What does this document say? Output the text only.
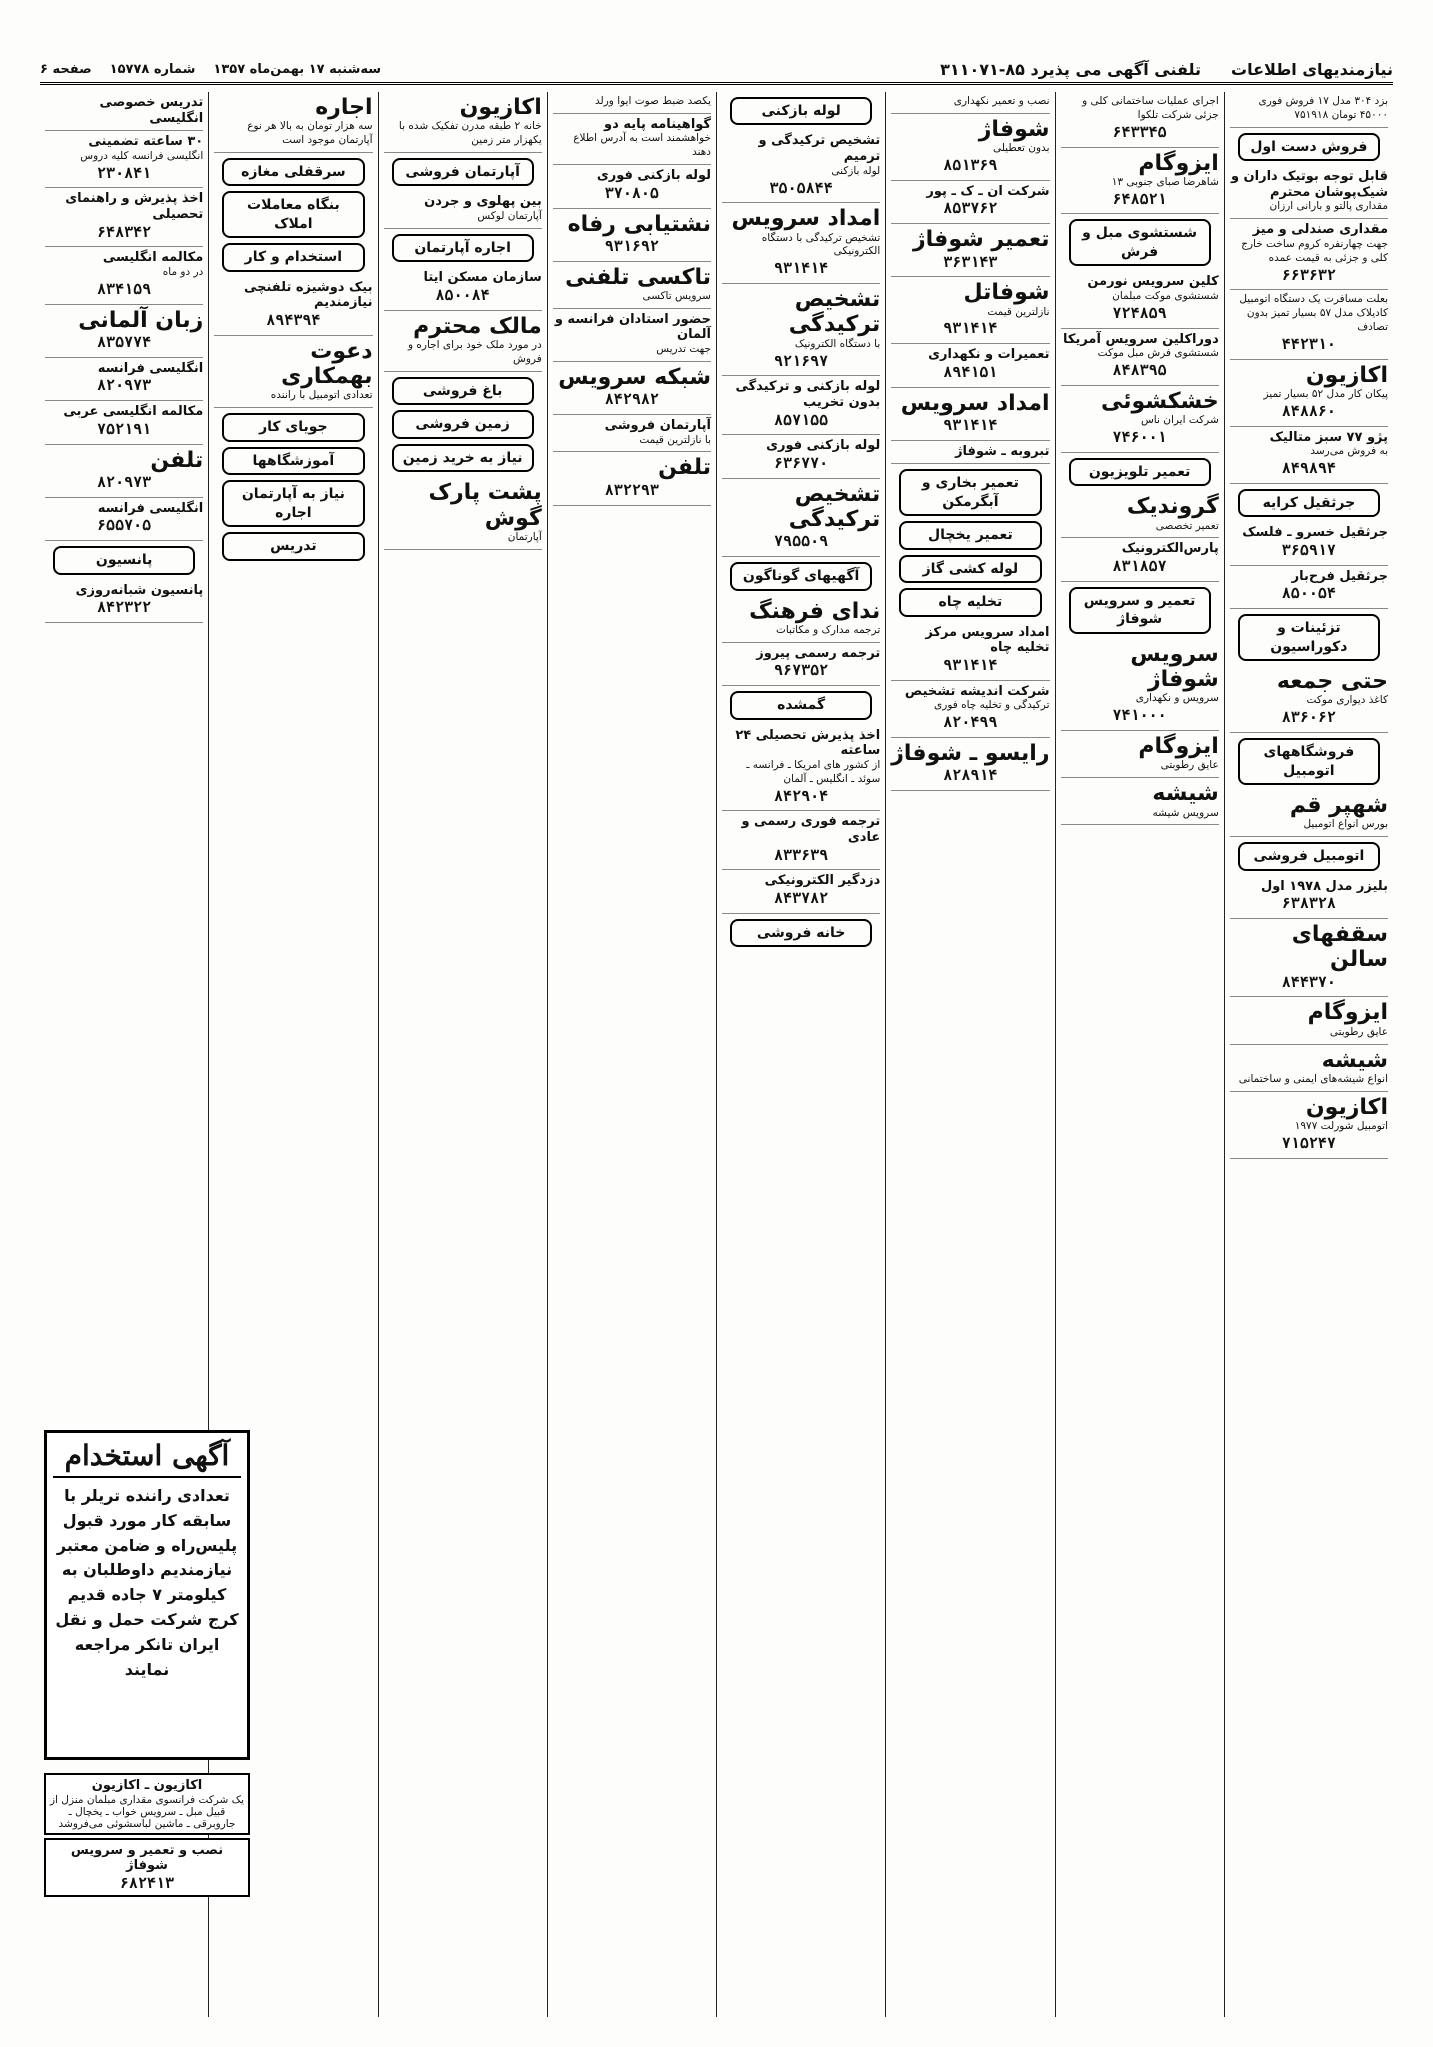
نیازمندیهای اطلاعات
تلفنی آگهی می پذیرد ۸۵-۳۱۱۰۷۱
سه‌شنبه ۱۷ بهمن‌ماه ۱۳۵۷
شماره ۱۵۷۷۸
صفحه ۶
بزد ۳۰۴ مدل ۱۷ فروش فوری ۴۵۰۰۰ تومان ۷۵۱۹۱۸
فروش دست اول
قابل توجه بوتیک داران و شیک‌پوشان محترم
مقداری پالتو و بارانی ارزان
مقداری صندلی و میز
جهت چهارنفره کروم ساخت خارج کلی و جزئی به قیمت عمده
۶۶۳۶۳۲
بعلت مسافرت یک دستگاه اتومبیل کادیلاک مدل ۵۷ بسیار تمیز بدون تصادف
۴۴۲۳۱۰
اکازیون
پیکان کار مدل ۵۲ بسیار تمیز
۸۴۸۸۶۰
پژو ۷۷ سبز متالیک
به فروش می‌رسد
۸۴۹۸۹۴
جرثقیل کرایه
جرثقیل خسرو ـ فلسک
۳۶۵۹۱۷
جرثقیل فرح‌بار
۸۵۰۰۵۴
تزئینات و دکوراسیون
حتی جمعه
کاغذ دیواری موکت
۸۳۶۰۶۲
فروشگاههای اتومبیل
شهپر قم
بورس انواع اتومبیل
اتومبیل فروشی
بلیزر مدل ۱۹۷۸ اول
۶۳۸۳۲۸
سقفهای سالن
۸۴۴۳۷۰
ایزوگام
عایق رطوبتی
شیشه
انواع شیشه‌های ایمنی و ساختمانی
اکازیون
اتومبیل شورلت ۱۹۷۷
۷۱۵۲۴۷
اجرای عملیات ساختمانی کلی و جزئی شرکت تلکوا
۶۴۳۳۴۵
ایزوگام
شاهرضا صبای جنوبی ۱۳
۶۴۸۵۲۱
شستشوی مبل و فرش
کلین سرویس نورمن
شستشوی موکت مبلمان
۷۲۴۸۵۹
دوراکلین سرویس آمریکا
شستشوی فرش مبل موکت
۸۴۸۳۹۵
خشکشوئی
شرکت ایران ناس
۷۴۶۰۰۱
تعمیر تلویزیون
گروندیک
تعمیر تخصصی
پارس‌الکترونیک
۸۳۱۸۵۷
تعمیر و سرویس شوفاژ
سرویس شوفاژ
سرویس و نکهداری
۷۴۱۰۰۰
ایزوگام
عایق رطوبتی
شیشه
سرویس شیشه
نصب و تعمیر نکهداری
شوفاژ
بدون تعطیلی
۸۵۱۳۶۹
شرکت ان ـ ک ـ پور
۸۵۳۷۶۲
تعمیر شوفاژ
۳۶۳۱۴۳
شوفاتل
نازلترین قیمت
۹۳۱۴۱۴
تعمیرات و نکهداری
۸۹۴۱۵۱
امداد سرویس
۹۳۱۴۱۴
تبروبه ـ شوفاژ
تعمیر بخاری و آبگرمکن
تعمیر یخچال
لوله کشی گاز
تخلیه چاه
امداد سرویس مرکز تخلیه چاه
۹۳۱۴۱۴
شرکت اندیشه تشخیص
ترکیدگی و تخلیه چاه فوری
۸۲۰۴۹۹
رایسو ـ شوفاژ
۸۲۸۹۱۴
لوله بازکنی
تشخیص ترکیدگی و ترمیم
لوله بازکنی
۳۵۰۵۸۴۴
امداد سرویس
تشخیص ترکیدگی با دستگاه الکترونیکی
۹۳۱۴۱۴
تشخیص ترکیدگی
با دستگاه الکترونیک
۹۲۱۶۹۷
لوله بازکنی و ترکیدگی بدون تخریب
۸۵۷۱۵۵
لوله بازکنی فوری
۶۳۶۷۷۰
تشخیص ترکیدگی
۷۹۵۵۰۹
آگهیهای گوناگون
ندای فرهنگ
ترجمه مدارک و مکاتبات
ترجمه رسمی پیروز
۹۶۷۳۵۲
گمشده
اخذ پذیرش تحصیلی ۲۴ ساعته
از کشور های امریکا ـ فرانسه ـ سوئد ـ انگلیس ـ آلمان
۸۴۲۹۰۴
ترجمه فوری رسمی و عادی
۸۳۳۶۳۹
دزدگیر الکترونیکی
۸۴۳۷۸۲
خانه فروشی
یکصد ضبط صوت ایوا ورلد
گواهینامه پایه دو
خواهشمند است به آدرس اطلاع دهند
لوله بازکنی فوری
۳۷۰۸۰۵
نشتیابی رفاه
۹۳۱۶۹۲
تاکسی تلفنی
سرویس تاکسی
حضور استادان فرانسه و آلمان
جهت تدریس
شبکه سرویس
۸۴۲۹۸۲
آپارتمان فروشی
با نازلترین قیمت
تلفن
۸۳۲۲۹۳
اکازیون
خانه ۲ طبقه مدرن تفکیک شده با یکهزار متر زمین
آپارتمان فروشی
بین پهلوی و جردن
آپارتمان لوکس
اجاره آپارتمان
سازمان مسکن ایتا
۸۵۰۰۸۴
مالک محترم
در مورد ملک خود برای اجاره و فروش
باغ فروشی
زمین فروشی
نیاز به خرید زمین
پشت پارک گوش
آپارتمان
اجاره
سه هزار تومان به بالا هر نوع آپارتمان موجود است
سرقفلی مغازه
بنگاه معاملات املاک
استخدام و کار
بیک دوشیزه تلفنچی نیازمندیم
۸۹۴۳۹۴
دعوت بهمکاری
تعدادی اتومبیل با راننده
جویای کار
آموزشگاهها
نیاز به آپارتمان اجاره
تدریس
تدریس خصوصی انگلیسی
۳۰ ساعته تضمینی
انگلیسی فرانسه کلیه دروس
۲۳۰۸۴۱
اخذ پذیرش و راهنمای تحصیلی
۶۴۸۳۴۲
مکالمه انگلیسی
در دو ماه
۸۳۴۱۵۹
زبان آلمانی
۸۳۵۷۷۴
انگلیسی فرانسه
۸۲۰۹۷۳
مکالمه انگلیسی عربی
۷۵۲۱۹۱
تلفن
۸۲۰۹۷۳
انگلیسی فرانسه
۶۵۵۷۰۵
پانسیون
پانسیون شبانه‌روزی
۸۴۲۳۲۲
آگهی استخدام
تعدادی راننده تریلر با سابقه کار مورد قبول پلیس‌راه و ضامن معتبر نیازمندیم داوطلبان به کیلومتر ۷ جاده قدیم کرج شرکت حمل و نقل ایران تانکر مراجعه نمایند
اکازیون ـ اکازیون
یک شرکت فرانسوی مقداری مبلمان منزل از قبیل مبل ـ سرویس خواب ـ یخچال ـ جاروبرقی ـ ماشین لباسشوئی می‌فروشد
نصب و تعمیر و سرویس شوفاژ
۶۸۲۴۱۳
